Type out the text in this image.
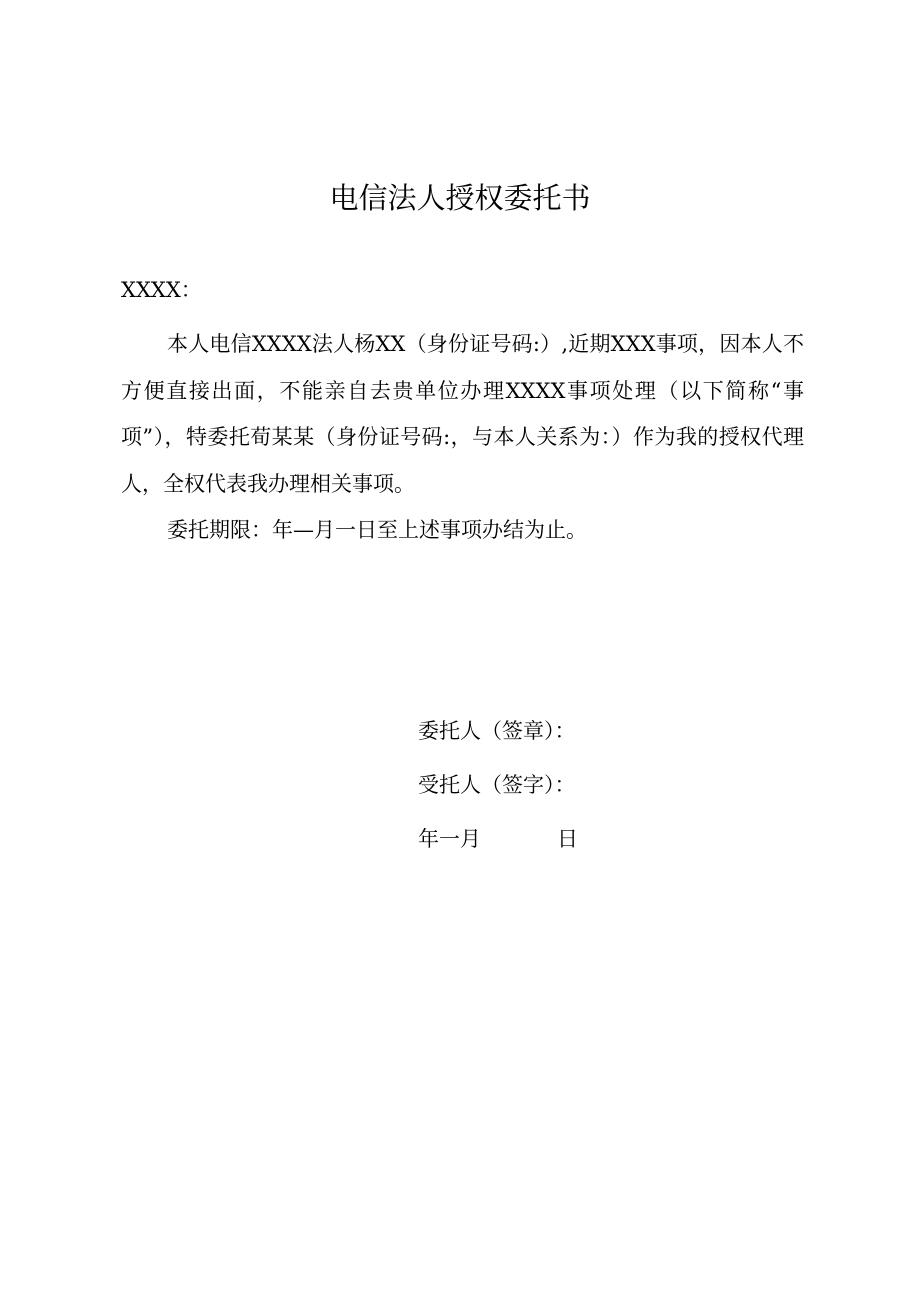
电信法人授权委托书
XXXX：

本人电信XXXX法人杨XX（身份证号码:）,近期XXX事项，因本人不方便直接出面，不能亲自去贵单位办理XXXX事项处理（以下简称“事项”），特委托荀某某（身份证号码:，与本人关系为：）作为我的授权代理人，全权代表我办理相关事项。

委托期限：年—月一日至上述事项办结为止。

委托人（签章）：
受托人（签字）：
年一月	日
